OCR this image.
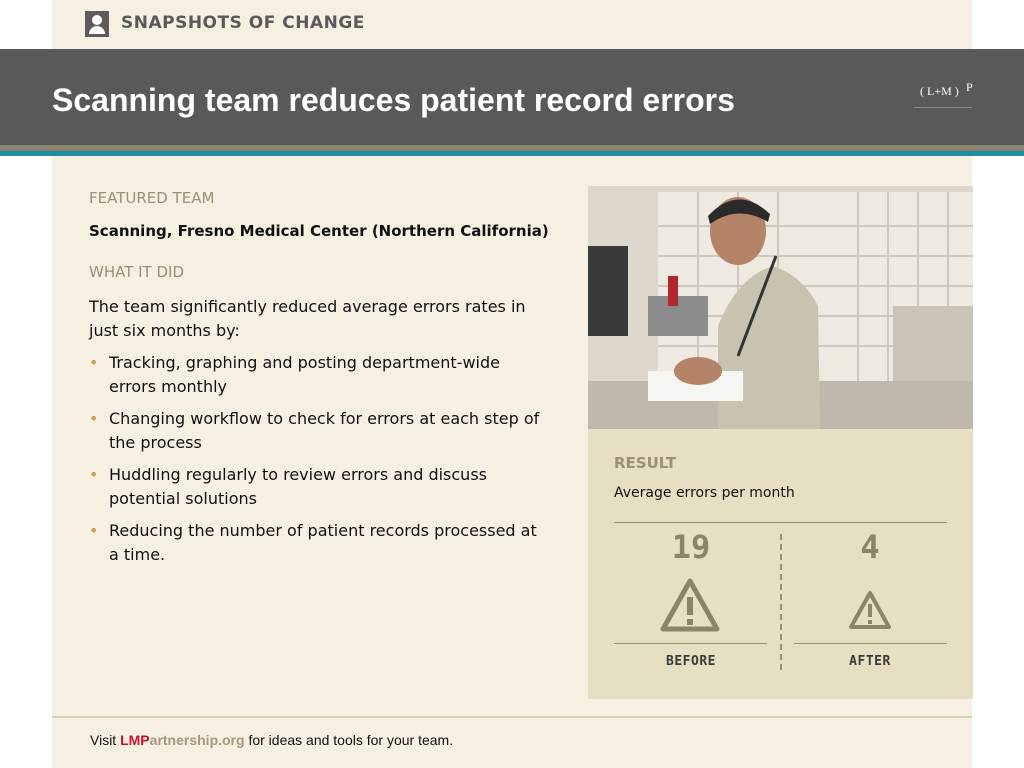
SNAPSHOTS OF CHANGE
Scanning team reduces patient record errors	( L+M ) P
FEATURED TEAM
Scanning, Fresno Medical Center (Northern California)
WHAT IT DID
The team significantly reduced average errors rates in just six months by:
• Tracking, graphing and posting department-wide errors monthly
• Changing workflow to check for errors at each step of the process
• Huddling regularly to review errors and discuss potential solutions
• Reducing the number of patient records processed at a time.
RESULT
Average errors per month
19	4
BEFORE	AFTER
Visit LMPartnership.org for ideas and tools for your team.
